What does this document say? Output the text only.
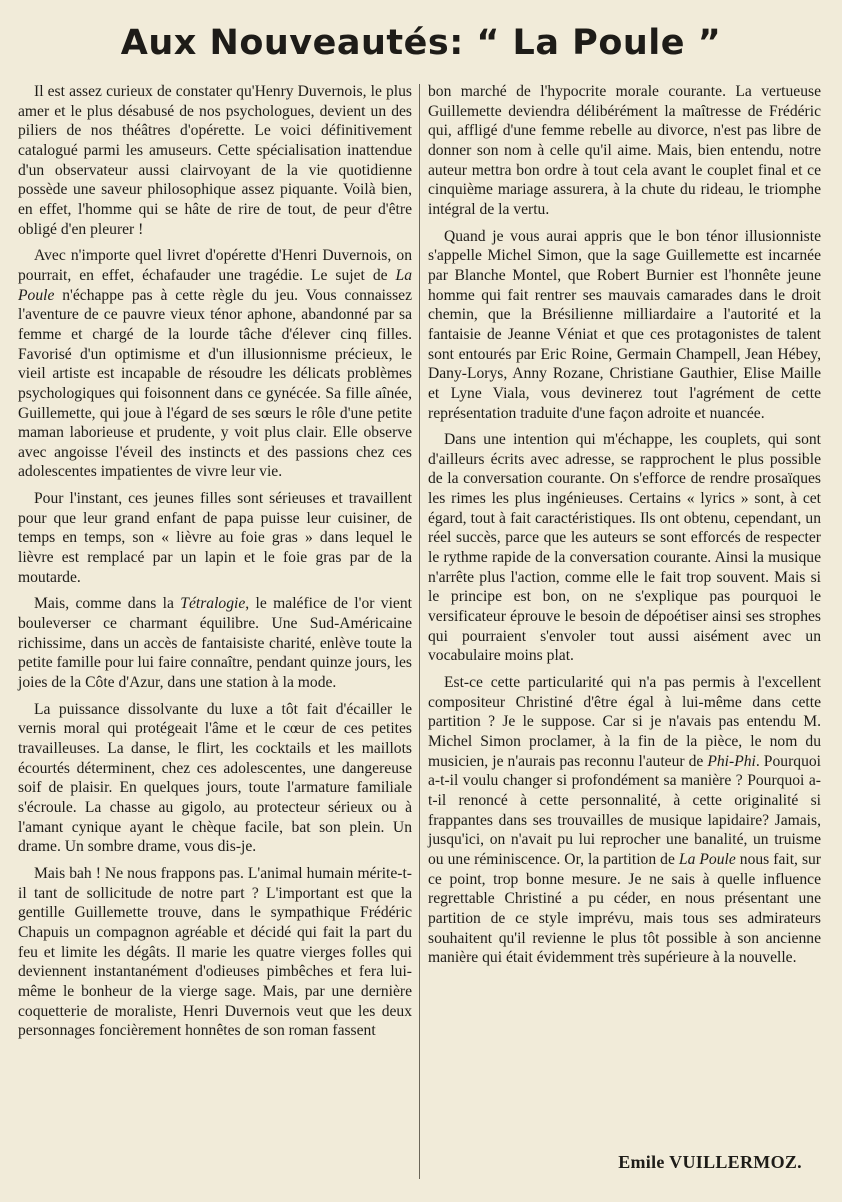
Aux Nouveautés: “ La Poule ”

Il est assez curieux de constater qu'Henry Duvernois, le plus amer et le plus désabusé de nos psychologues, devient un des piliers de nos théâtres d'opérette. Le voici définitivement catalogué parmi les amuseurs. Cette spécialisation inattendue d'un observateur aussi clairvoyant de la vie quotidienne possède une saveur philosophique assez piquante. Voilà bien, en effet, l'homme qui se hâte de rire de tout, de peur d'être obligé d'en pleurer !

Avec n'importe quel livret d'opérette d'Henri Duvernois, on pourrait, en effet, échafauder une tragédie. Le sujet de La Poule n'échappe pas à cette règle du jeu. Vous connaissez l'aventure de ce pauvre vieux ténor aphone, abandonné par sa femme et chargé de la lourde tâche d'élever cinq filles. Favorisé d'un optimisme et d'un illusionnisme précieux, le vieil artiste est incapable de résoudre les délicats problèmes psychologiques qui foisonnent dans ce gynécée. Sa fille aînée, Guillemette, qui joue à l'égard de ses sœurs le rôle d'une petite maman laborieuse et prudente, y voit plus clair. Elle observe avec angoisse l'éveil des instincts et des passions chez ces adolescentes impatientes de vivre leur vie.

Pour l'instant, ces jeunes filles sont sérieuses et travaillent pour que leur grand enfant de papa puisse leur cuisiner, de temps en temps, son « lièvre au foie gras » dans lequel le lièvre est remplacé par un lapin et le foie gras par de la moutarde.

Mais, comme dans la Tétralogie, le maléfice de l'or vient bouleverser ce charmant équilibre. Une Sud-Américaine richissime, dans un accès de fantaisiste charité, enlève toute la petite famille pour lui faire connaître, pendant quinze jours, les joies de la Côte d'Azur, dans une station à la mode.

La puissance dissolvante du luxe a tôt fait d'écailler le vernis moral qui protégeait l'âme et le cœur de ces petites travailleuses. La danse, le flirt, les cocktails et les maillots écourtés déterminent, chez ces adolescentes, une dangereuse soif de plaisir. En quelques jours, toute l'armature familiale s'écroule. La chasse au gigolo, au protecteur sérieux ou à l'amant cynique ayant le chèque facile, bat son plein. Un drame. Un sombre drame, vous dis-je.

Mais bah ! Ne nous frappons pas. L'animal humain mérite-t-il tant de sollicitude de notre part ? L'important est que la gentille Guillemette trouve, dans le sympathique Frédéric Chapuis un compagnon agréable et décidé qui fait la part du feu et limite les dégâts. Il marie les quatre vierges folles qui deviennent instantanément d'odieuses pimbêches et fera lui-même le bonheur de la vierge sage. Mais, par une dernière coquetterie de moraliste, Henri Duvernois veut que les deux personnages foncièrement honnêtes de son roman fassent

bon marché de l'hypocrite morale courante. La vertueuse Guillemette deviendra délibérément la maîtresse de Frédéric qui, affligé d'une femme rebelle au divorce, n'est pas libre de donner son nom à celle qu'il aime. Mais, bien entendu, notre auteur mettra bon ordre à tout cela avant le couplet final et ce cinquième mariage assurera, à la chute du rideau, le triomphe intégral de la vertu.

Quand je vous aurai appris que le bon ténor illusionniste s'appelle Michel Simon, que la sage Guillemette est incarnée par Blanche Montel, que Robert Burnier est l'honnête jeune homme qui fait rentrer ses mauvais camarades dans le droit chemin, que la Brésilienne milliardaire a l'autorité et la fantaisie de Jeanne Véniat et que ces protagonistes de talent sont entourés par Eric Roine, Germain Champell, Jean Hébey, Dany-Lorys, Anny Rozane, Christiane Gauthier, Elise Maille et Lyne Viala, vous devinerez tout l'agrément de cette représentation traduite d'une façon adroite et nuancée.

Dans une intention qui m'échappe, les couplets, qui sont d'ailleurs écrits avec adresse, se rapprochent le plus possible de la conversation courante. On s'efforce de rendre prosaïques les rimes les plus ingénieuses. Certains « lyrics » sont, à cet égard, tout à fait caractéristiques. Ils ont obtenu, cependant, un réel succès, parce que les auteurs se sont efforcés de respecter le rythme rapide de la conversation courante. Ainsi la musique n'arrête plus l'action, comme elle le fait trop souvent. Mais si le principe est bon, on ne s'explique pas pourquoi le versificateur éprouve le besoin de dépoétiser ainsi ses strophes qui pourraient s'envoler tout aussi aisément avec un vocabulaire moins plat.

Est-ce cette particularité qui n'a pas permis à l'excellent compositeur Christiné d'être égal à lui-même dans cette partition ? Je le suppose. Car si je n'avais pas entendu M. Michel Simon proclamer, à la fin de la pièce, le nom du musicien, je n'aurais pas reconnu l'auteur de Phi-Phi. Pourquoi a-t-il voulu changer si profondément sa manière ? Pourquoi a-t-il renoncé à cette personnalité, à cette originalité si frappantes dans ses trouvailles de musique lapidaire? Jamais, jusqu'ici, on n'avait pu lui reprocher une banalité, un truisme ou une réminiscence. Or, la partition de La Poule nous fait, sur ce point, trop bonne mesure. Je ne sais à quelle influence regrettable Christiné a pu céder, en nous présentant une partition de ce style imprévu, mais tous ses admirateurs souhaitent qu'il revienne le plus tôt possible à son ancienne manière qui était évidemment très supérieure à la nouvelle.

Emile VUILLERMOZ.
